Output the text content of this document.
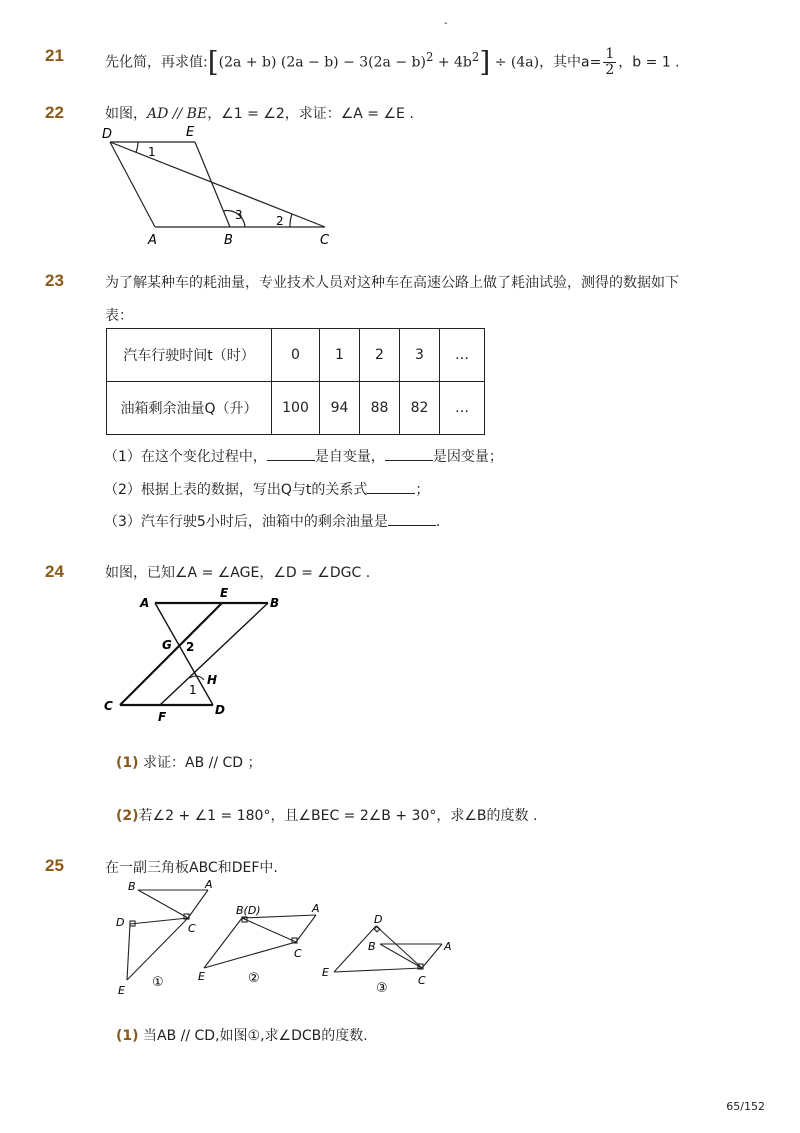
-
21	先化简，再求值:[(2a + b) $(2a - b) - 3(2a - b)^2 + 4b^2] \div (4a)$，其中$a= \frac{1}{2}$ ，b = 1 .
22	如图，AD // BE，∠1 = ∠2，求证：∠A = ∠E .
D	E
A	B	C
1
2
3
23	为了解某种车的耗油量，专业技术人员对这种车在高速公路上做了耗油试验，测得的数据如下
表：
汽车行驶时间t（时）	0	1	2	3	…
油箱剩余油量Q（升）	100	94	88	82	…
（1）在这个变化过程中，	是自变量，	是因变量；
（2）根据上表的数据，写出Q与t的关系式	；
（3）汽车行驶5小时后，油箱中的剩余油量是	.
24	如图，已知∠A = ∠AGE，∠D = ∠DGC .
A
E
B
G 2
H
1
C
F	D
(1) 求证：AB // CD ；
(2)若∠2 + ∠1 = 180°，且∠BEC = 2∠B + 30°，求∠B的度数 .
25	在一副三角板ABC和DEF中.
B	A
D	C
E
①
B(D)	A
C
E	②
D
B	A
E
C
③
(1) 当AB // CD,如图①,求∠DCB的度数.
65/152
